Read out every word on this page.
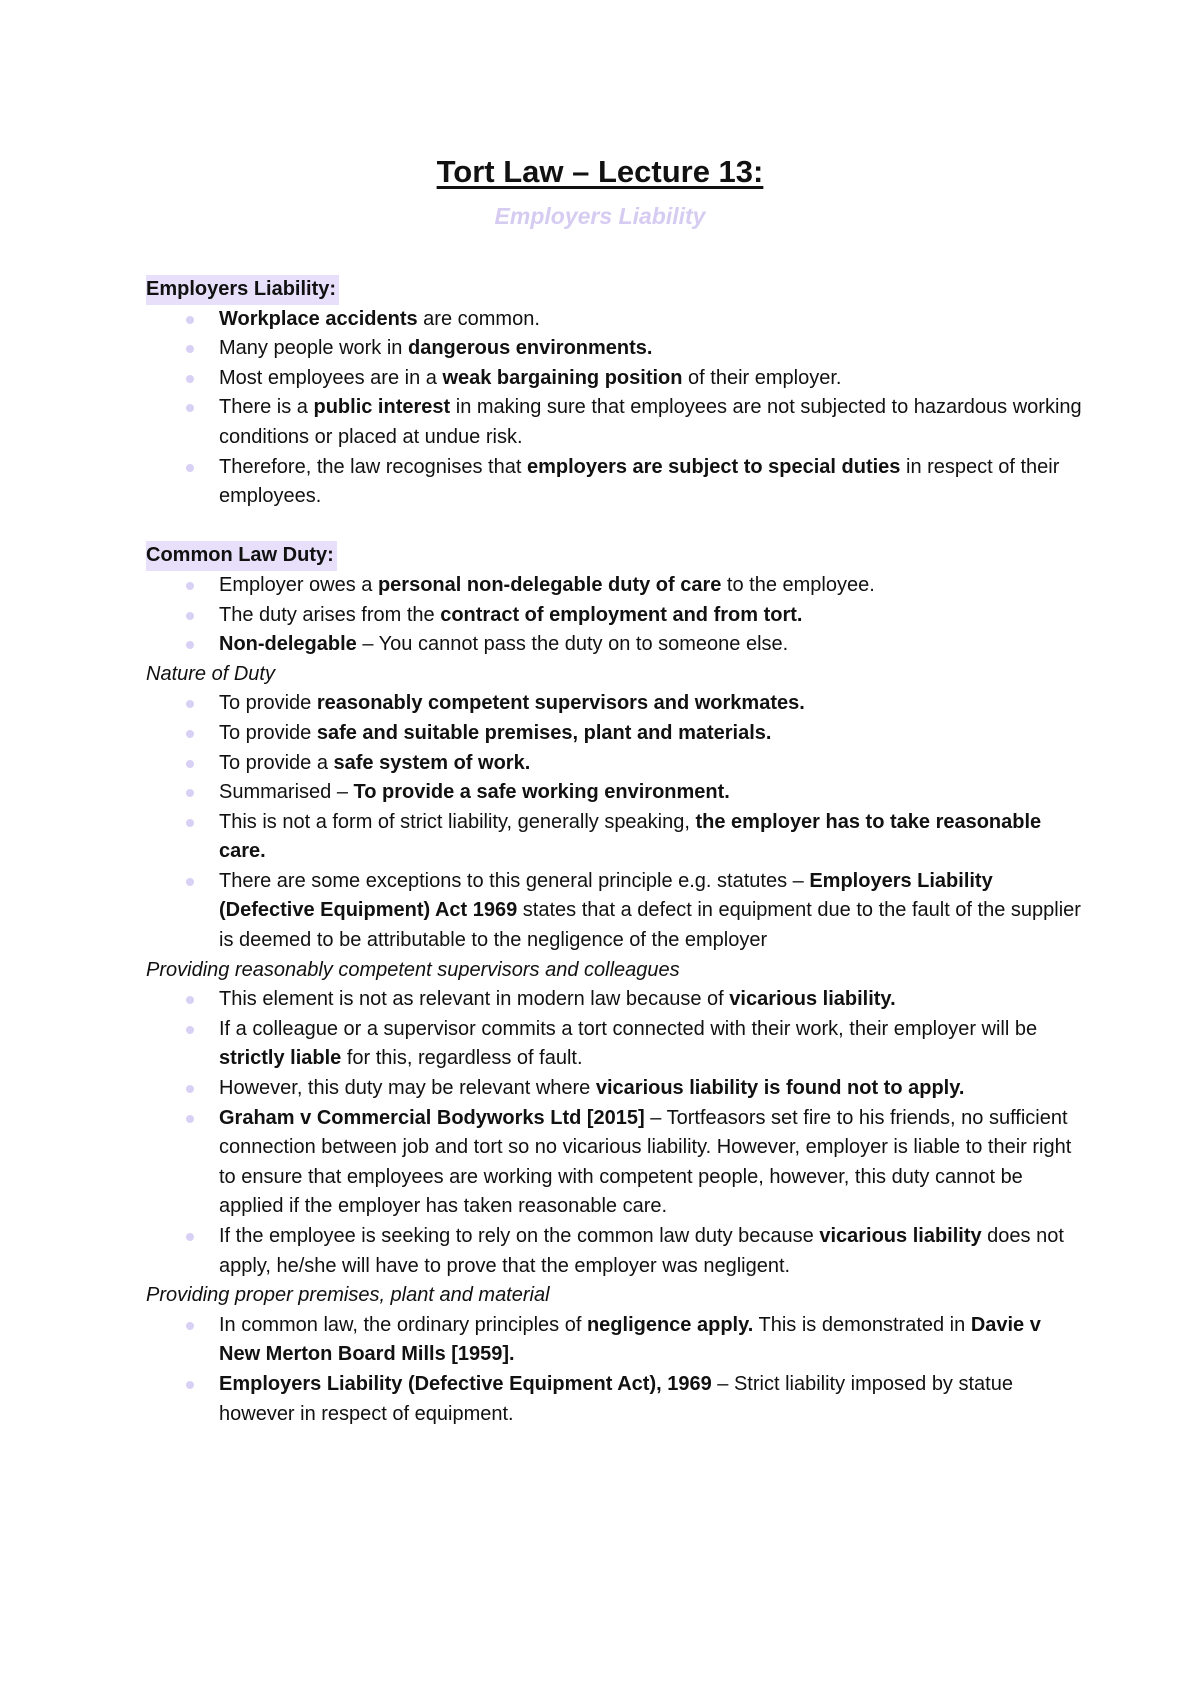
Tort Law – Lecture 13:
Employers Liability
Employers Liability:
Workplace accidents are common.
Many people work in dangerous environments.
Most employees are in a weak bargaining position of their employer.
There is a public interest in making sure that employees are not subjected to hazardous working conditions or placed at undue risk.
Therefore, the law recognises that employers are subject to special duties in respect of their employees.
Common Law Duty:
Employer owes a personal non-delegable duty of care to the employee.
The duty arises from the contract of employment and from tort.
Non-delegable – You cannot pass the duty on to someone else.
Nature of Duty
To provide reasonably competent supervisors and workmates.
To provide safe and suitable premises, plant and materials.
To provide a safe system of work.
Summarised – To provide a safe working environment.
This is not a form of strict liability, generally speaking, the employer has to take reasonable care.
There are some exceptions to this general principle e.g. statutes – Employers Liability (Defective Equipment) Act 1969 states that a defect in equipment due to the fault of the supplier is deemed to be attributable to the negligence of the employer
Providing reasonably competent supervisors and colleagues
This element is not as relevant in modern law because of vicarious liability.
If a colleague or a supervisor commits a tort connected with their work, their employer will be strictly liable for this, regardless of fault.
However, this duty may be relevant where vicarious liability is found not to apply.
Graham v Commercial Bodyworks Ltd [2015] – Tortfeasors set fire to his friends, no sufficient connection between job and tort so no vicarious liability. However, employer is liable to their right to ensure that employees are working with competent people, however, this duty cannot be applied if the employer has taken reasonable care.
If the employee is seeking to rely on the common law duty because vicarious liability does not apply, he/she will have to prove that the employer was negligent.
Providing proper premises, plant and material
In common law, the ordinary principles of negligence apply. This is demonstrated in Davie v New Merton Board Mills [1959].
Employers Liability (Defective Equipment Act), 1969 – Strict liability imposed by statue however in respect of equipment.
